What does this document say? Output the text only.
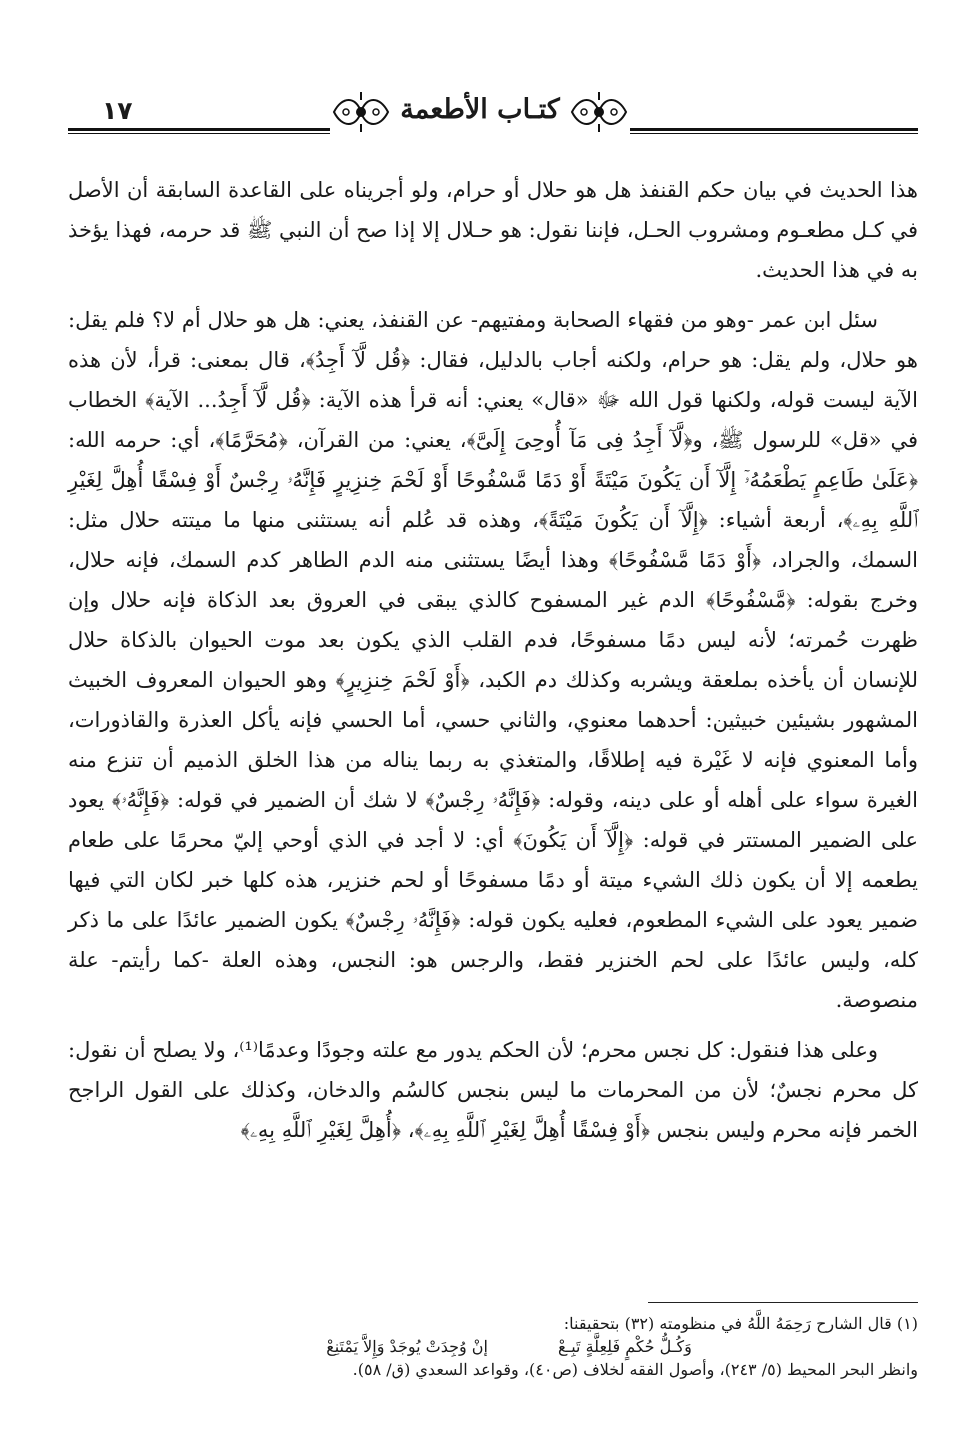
١٧	كتـاب الأطعمة

هذا الحديث في بيان حكم القنفذ هل هو حلال أو حرام، ولو أجريناه على القاعدة السابقة أن الأصل في كـل مطعـوم ومشروب الحـل، فإننا نقول: هو حـلال إلا إذا صح أن النبي ﷺ قد حرمه، فهذا يؤخذ به في هذا الحديث.

سئل ابن عمر -وهو من فقهاء الصحابة ومفتيهم- عن القنفذ، يعني: هل هو حلال أم لا؟ فلم يقل: هو حلال، ولم يقل: هو حرام، ولكنه أجاب بالدليل، فقال: ﴿قُل لَّآ أَجِدُ﴾، قال بمعنى: قرأ، لأن هذه الآية ليست قوله، ولكنها قول الله ﷻ «قال» يعني: أنه قرأ هذه الآية: ﴿قُل لَّآ أَجِدُ... الآية﴾ الخطاب في «قل» للرسول ﷺ، و﴿لَّآ أَجِدُ فِى مَآ أُوحِىَ إِلَىَّ﴾، يعني: من القرآن، ﴿مُحَرَّمًا﴾، أي: حرمه الله: ﴿عَلَىٰ طَاعِمٍ يَطْعَمُهُۥٓ إِلَّآ أَن يَكُونَ مَيْتَةً أَوْ دَمًا مَّسْفُوحًا أَوْ لَحْمَ خِنزِيرٍ فَإِنَّهُۥ رِجْسٌ أَوْ فِسْقًا أُهِلَّ لِغَيْرِ ٱللَّهِ بِهِۦ﴾، أربعة أشياء: ﴿إِلَّآ أَن يَكُونَ مَيْتَةً﴾، وهذه قد عُلم أنه يستثنى منها ما ميتته حلال مثل: السمك، والجراد، ﴿أَوْ دَمًا مَّسْفُوحًا﴾ وهذا أيضًا يستثنى منه الدم الطاهر كدم السمك، فإنه حلال، وخرج بقوله: ﴿مَّسْفُوحًا﴾ الدم غير المسفوح كالذي يبقى في العروق بعد الذكاة فإنه حلال وإن ظهرت حُمرته؛ لأنه ليس دمًا مسفوحًا، فدم القلب الذي يكون بعد موت الحيوان بالذكاة حلال للإنسان أن يأخذه بملعقة ويشربه وكذلك دم الكبد، ﴿أَوْ لَحْمَ خِنزِيرٍ﴾ وهو الحيوان المعروف الخبيث المشهور بشيئين خبيثين: أحدهما معنوي، والثاني حسي، أما الحسي فإنه يأكل العذرة والقاذورات، وأما المعنوي فإنه لا غَيْرة فيه إطلاقًا، والمتغذي به ربما يناله من هذا الخلق الذميم أن تنزع منه الغيرة سواء على أهله أو على دينه، وقوله: ﴿فَإِنَّهُۥ رِجْسٌ﴾ لا شك أن الضمير في قوله: ﴿فَإِنَّهُۥ﴾ يعود على الضمير المستتر في قوله: ﴿إِلَّآ أَن يَكُونَ﴾ أي: لا أجد في الذي أوحي إليّ محرمًا على طعام يطعمه إلا أن يكون ذلك الشيء ميتة أو دمًا مسفوحًا أو لحم خنزير، هذه كلها خبر لكان التي فيها ضمير يعود على الشيء المطعوم، فعليه يكون قوله: ﴿فَإِنَّهُۥ رِجْسٌ﴾ يكون الضمير عائدًا على ما ذكر كله، وليس عائدًا على لحم الخنزير فقط، والرجس هو: النجس، وهذه العلة -كما رأيتم- علة منصوصة.

وعلى هذا فنقول: كل نجس محرم؛ لأن الحكم يدور مع علته وجودًا وعدمًا⁽¹⁾، ولا يصلح أن نقول: كل محرم نجسٌ؛ لأن من المحرمات ما ليس بنجس كالسُم والدخان، وكذلك على القول الراجح الخمر فإنه محرم وليس بنجس ﴿أَوْ فِسْقًا أُهِلَّ لِغَيْرِ ٱللَّهِ بِهِۦ﴾، ﴿أُهِلَّ لِغَيْرِ ٱللَّهِ بِهِۦ﴾

(١) قال الشارح رَحِمَهُ اللَّهُ في منظومته (٣٢) بتحقيقنا:

وَكُـلُّ حُكْمٍ فَلِعِلَّةٍ تَبِـعْ
إنْ وُجِدَتْ يُوجَدْ وَإِلاَّ يَمْتَنِعْ

وانظر البحر المحيط (٥/ ٢٤٣)، وأصول الفقه لخلاف (ص٤٠)، وقواعد السعدي (ق/ ٥٨).
